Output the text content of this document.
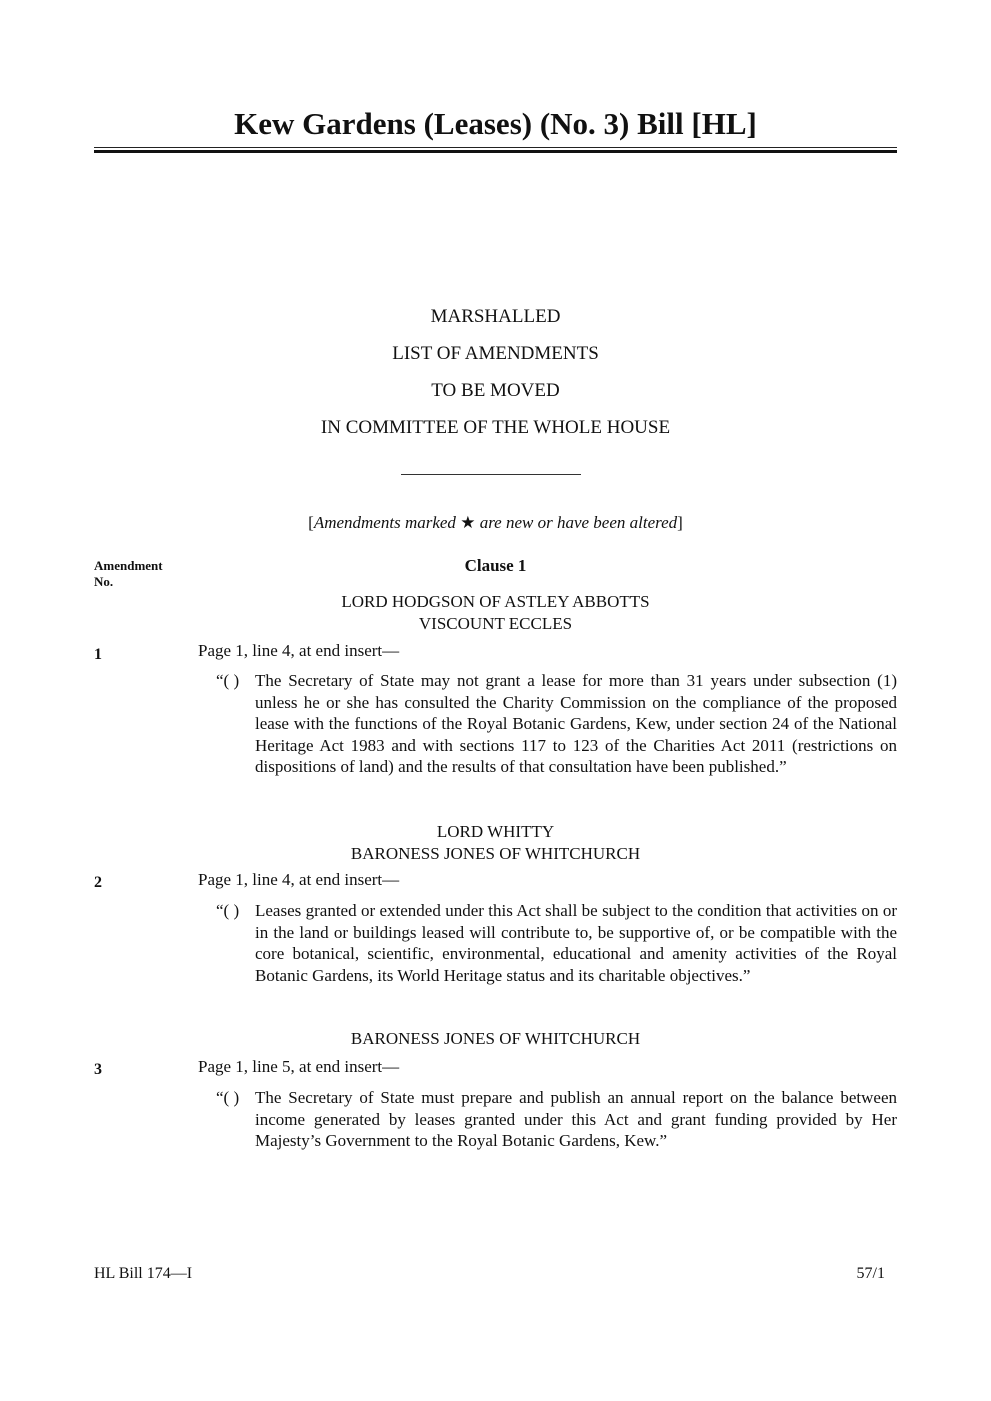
Kew Gardens (Leases) (No. 3) Bill [HL]
MARSHALLED
LIST OF AMENDMENTS
TO BE MOVED
IN COMMITTEE OF THE WHOLE HOUSE
[Amendments marked ★ are new or have been altered]
Amendment
No.
Clause 1
LORD HODGSON OF ASTLEY ABBOTTS
VISCOUNT ECCLES
1	Page 1, line 4, at end insert—
“( ) The Secretary of State may not grant a lease for more than 31 years under subsection (1) unless he or she has consulted the Charity Commission on the compliance of the proposed lease with the functions of the Royal Botanic Gardens, Kew, under section 24 of the National Heritage Act 1983 and with sections 117 to 123 of the Charities Act 2011 (restrictions on dispositions of land) and the results of that consultation have been published.”
LORD WHITTY
BARONESS JONES OF WHITCHURCH
2	Page 1, line 4, at end insert—
“( ) Leases granted or extended under this Act shall be subject to the condition that activities on or in the land or buildings leased will contribute to, be supportive of, or be compatible with the core botanical, scientific, environmental, educational and amenity activities of the Royal Botanic Gardens, its World Heritage status and its charitable objectives.”
BARONESS JONES OF WHITCHURCH
3	Page 1, line 5, at end insert—
“( ) The Secretary of State must prepare and publish an annual report on the balance between income generated by leases granted under this Act and grant funding provided by Her Majesty’s Government to the Royal Botanic Gardens, Kew.”
HL Bill 174—I	57/1
